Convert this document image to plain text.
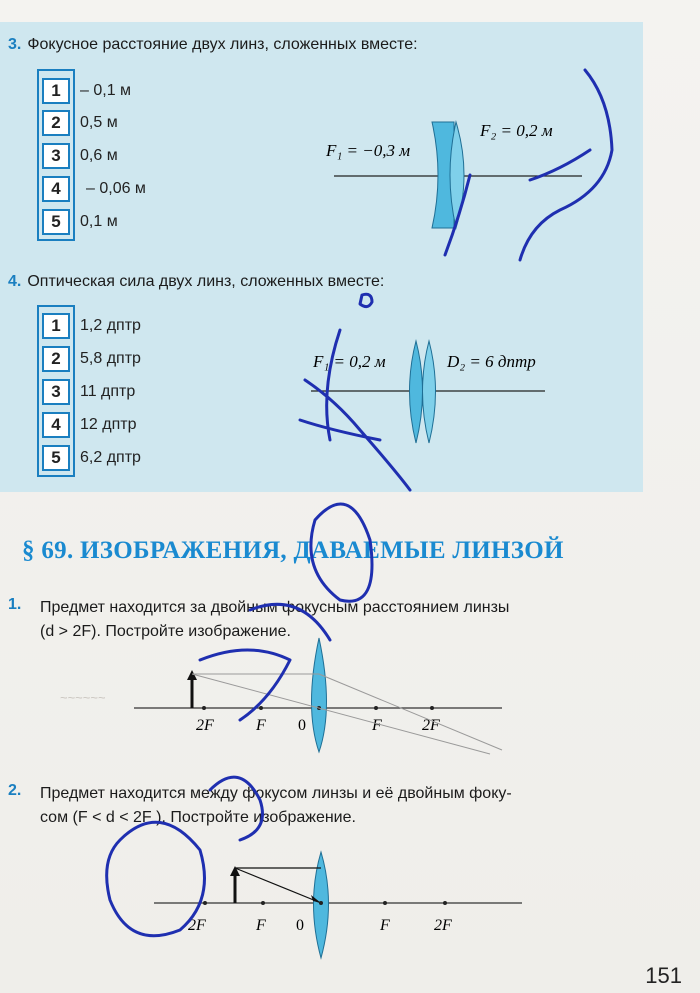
~~~~~~
3. Фокусное расстояние двух линз, сложенных вместе:
1	– 0,1 м
2	0,5 м
3	0,6 м
4	– 0,06 м
5	0,1 м
F₁ = −0,3 м
F₂ = 0,2 м
4. Оптическая сила двух линз, сложенных вместе:
1	1,2 дптр
2	5,8 дптр
3	11 дптр
4	12 дптр
5	6,2 дптр
F₁ = 0,2 м	D₂ = 6 дптр
§ 69. ИЗОБРАЖЕНИЯ, ДАВАЕМЫЕ ЛИНЗОЙ
1. Предмет находится за двойным фокусным расстоянием линзы
(d > 2F). Постройте изображение.
2F	F 0	F	2F
2. Предмет находится между фокусом линзы и её двойным фоку-
сом (F < d < 2F ). Постройте изображение.
2F	F 0	F	2F
151
